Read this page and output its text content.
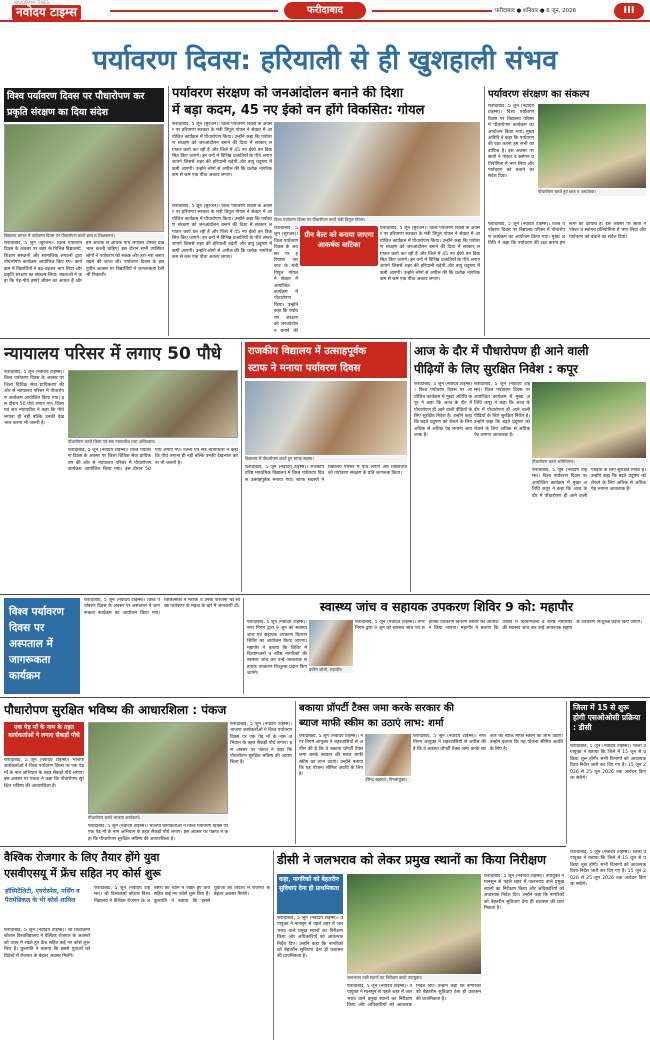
NAVODAYA TIMES
नवोदय टाइम्स	फरीदाबाद	फरीदाबाद ● शनिवार ● 6 जून, 2026	III
पर्यावरण दिवस: हरियाली से ही खुशहाली संभव
विश्व पर्यावरण दिवस पर पौधारोपण कर प्रकृति संरक्षण का दिया संदेश
विद्यालय प्रांगण में पर्यावरण दिवस पर पौधारोपण करते छात्र व शिक्षकगण।
फरीदाबाद, 5 जून (सुरजन)। विश्व पर्यावरण दिवस के अवसर पर शहर के विभिन्न विद्यालयों, शिक्षण संस्थानों और सामाजिक संगठनों द्वारा पौधारोपण कार्यक्रम आयोजित किए गए। कार्यक्रम में विद्यार्थियों ने बढ़-चढ़कर भाग लिया और प्रकृति संरक्षण का संकल्प लिया। वक्ताओं ने कहा कि पेड़-पौधे हमारे जीवन का आधार हैं और हमें अधिक से अधिक पौधे लगाकर उनकी देखभाल करनी चाहिए। इस दौरान सभी उपस्थित लोगों ने पर्यावरण को स्वच्छ और हरा-भरा बनाए रखने की शपथ ली। पर्यावरण दिवस के इस पुनीत अवसर पर विद्यार्थियों ने जागरूकता रैली भी निकाली।
पर्यावरण संरक्षण को जनआंदोलन बनाने की दिशा
में बड़ा कदम, 45 नए ईको वन होंगे विकसित: गोयल
फरीदाबाद, 5 जून (सुरजन)। विश्व पर्यावरण दिवस के अवसर पर हरियाणा सरकार के मंत्री विपुल गोयल ने सेक्टर में आयोजित कार्यक्रम में पौधारोपण किया। उन्होंने कहा कि पर्यावरण संरक्षण को जनआंदोलन बनाने की दिशा में सरकार लगातार कार्य कर रही है और जिले में 45 नए ईको वन विकसित किए जाएंगे। इन वनों में विभिन्न प्रजातियों के पौधे लगाए जाएंगे जिससे शहर की हरियाली बढ़ेगी और वायु प्रदूषण में कमी आएगी। उन्होंने लोगों से अपील की कि प्रत्येक नागरिक कम से कम एक पौधा अवश्य लगाए।
विश्व पर्यावरण दिवस पर पौधारोपण करते मंत्री विपुल गोयल।
फरीदाबाद, 5 जून (सुरजन)। विश्व पर्यावरण दिवस के अवसर पर हरियाणा सरकार के मंत्री विपुल गोयल ने सेक्टर में आयोजित कार्यक्रम में पौधारोपण किया। उन्होंने कहा कि पर्यावरण संरक्षण को जनआंदोलन बनाने की दिशा में सरकार लगातार कार्य कर रही है और जिले में 45 नए ईको वन विकसित किए जाएंगे। इन वनों में विभिन्न प्रजातियों के पौधे लगाए जाएंगे जिससे शहर की हरियाली बढ़ेगी और वायु प्रदूषण में कमी आएगी। उन्होंने लोगों से अपील की कि प्रत्येक नागरिक कम से कम एक पौधा अवश्य लगाए।
ग्रीन बेल्ट को बनाया जाएगा आकर्षक वाटिका
फरीदाबाद, 5 जून (सुरजन)। विश्व पर्यावरण दिवस के अवसर पर हरियाणा सरकार के मंत्री विपुल गोयल ने सेक्टर में आयोजित कार्यक्रम में पौधारोपण किया। उन्होंने कहा कि पर्यावरण संरक्षण को जनआंदोलन बनाने की
फरीदाबाद, 5 जून (सुरजन)। विश्व पर्यावरण दिवस के अवसर पर हरियाणा सरकार के मंत्री विपुल गोयल ने सेक्टर में आयोजित कार्यक्रम में पौधारोपण किया। उन्होंने कहा कि पर्यावरण संरक्षण को जनआंदोलन बनाने की दिशा में सरकार लगातार कार्य कर रही है और जिले में 45 नए ईको वन विकसित किए जाएंगे। इन वनों में विभिन्न प्रजातियों के पौधे लगाए जाएंगे जिससे शहर की हरियाली बढ़ेगी और वायु प्रदूषण में कमी आएगी। उन्होंने लोगों से अपील की कि प्रत्येक नागरिक कम से कम एक पौधा अवश्य लगाए।
पर्यावरण संरक्षण का संकल्प
फरीदाबाद, 5 जून (नवोदय टाइम्स)। विश्व पर्यावरण दिवस पर विद्यालय परिसर में पौधारोपण कार्यक्रम का आयोजन किया गया। मुख्य अतिथि ने कहा कि पर्यावरण की रक्षा करना हम सभी का दायित्व है। इस अवसर पर छात्रों ने पोस्टर व स्लोगन प्रतियोगिता में भाग लिया और पर्यावरण को बचाने का संदेश दिया।
पौधारोपण करते हुए छात्र व अध्यापक।
फरीदाबाद, 5 जून (नवोदय टाइम्स)। विश्व पर्यावरण दिवस पर विद्यालय परिसर में पौधारोपण कार्यक्रम का आयोजन किया गया। मुख्य अतिथि ने कहा कि पर्यावरण की रक्षा करना हम सभी का दायित्व है। इस अवसर पर छात्रों ने पोस्टर व स्लोगन प्रतियोगिता में भाग लिया और पर्यावरण को बचाने का संदेश दिया।
न्यायालय परिसर में लगाए 50 पौधे
फरीदाबाद, 5 जून (नवोदय टाइम्स)। विश्व पर्यावरण दिवस के अवसर पर जिला विधिक सेवा प्राधिकरण की ओर से न्यायालय परिसर में पौधारोपण कार्यक्रम आयोजित किया गया। इस दौरान 50 पौधे लगाए गए। जिला एवं सत्र न्यायाधीश ने कहा कि पौधे लगाना ही नहीं बल्कि उनकी देखभाल करना भी जरूरी है।
पौधारोपण करते जिला एवं सत्र न्यायाधीश तथा अधिवक्ता।
फरीदाबाद, 5 जून (नवोदय टाइम्स)। विश्व पर्यावरण दिवस के अवसर पर जिला विधिक सेवा प्राधिकरण की ओर से न्यायालय परिसर में पौधारोपण कार्यक्रम आयोजित किया गया। इस दौरान 50 पौधे लगाए गए। जिला एवं सत्र न्यायाधीश ने कहा कि पौधे लगाना ही नहीं बल्कि उनकी देखभाल करना भी जरूरी है।
राजकीय विद्यालय में उत्साहपूर्वक
स्टाफ ने मनाया पर्यावरण दिवस
विद्यालय में पौधारोपण करते हुए स्टाफ सदस्य।
फरीदाबाद, 5 जून (नवोदय टाइम्स)। राजकीय वरिष्ठ माध्यमिक विद्यालय में विश्व पर्यावरण दिवस उत्साहपूर्वक मनाया गया। स्टाफ सदस्यों ने विद्यालय परिसर में पौधे लगाए और विद्यार्थियों को पर्यावरण संरक्षण के प्रति जागरूक किया।
आज के दौर में पौधारोपण ही आने वाली
पीढ़ियों के लिए सुरक्षित निवेश : कपूर
फरीदाबाद, 5 जून (नवोदय टाइम्स)। विश्व पर्यावरण दिवस पर आयोजित कार्यक्रम में मुख्य अतिथि कपूर ने कहा कि आज के दौर में पौधारोपण ही आने वाली पीढ़ियों के लिए सुरक्षित निवेश है। उन्होंने कहा कि बढ़ते प्रदूषण को रोकने के लिए अधिक से अधिक पेड़ लगाना आवश्यक है।
पौधारोपण करते अतिथिगण।
फरीदाबाद, 5 जून (नवोदय टाइम्स)। विश्व पर्यावरण दिवस पर आयोजित कार्यक्रम में मुख्य अतिथि कपूर ने कहा कि आज के दौर में पौधारोपण ही आने वाली पीढ़ियों के लिए सुरक्षित निवेश है। उन्होंने कहा कि बढ़ते प्रदूषण को रोकने के लिए अधिक से अधिक पेड़ लगाना आवश्यक है।
फरीदाबाद, 5 जून (नवोदय टाइम्स)। विश्व पर्यावरण दिवस पर आयोजित कार्यक्रम में मुख्य अतिथि कपूर ने कहा कि आज के दौर में पौधारोपण ही आने वाली पीढ़ियों के लिए सुरक्षित निवेश है। उन्होंने कहा कि बढ़ते प्रदूषण को रोकने के लिए अधिक से अधिक पेड़ लगाना आवश्यक है।
विश्व पर्यावरण दिवस पर अस्पताल में जागरूकता कार्यक्रम
फरीदाबाद, 5 जून (नवोदय टाइम्स)। विश्व पर्यावरण दिवस के अवसर पर अस्पताल में जागरूकता कार्यक्रम का आयोजन किया गया। चिकित्सकों ने मरीजों व उनके परिजनों को स्वच्छ पर्यावरण के महत्व के बारे में जानकारी दी।	स्वास्थ्य जांच व सहायक उपकरण शिविर 9 को: महापौर
फरीदाबाद, 5 जून (नवोदय टाइम्स)। नगर निगम द्वारा 9 जून को स्वास्थ्य जांच एवं सहायक उपकरण वितरण शिविर का आयोजन किया जाएगा। महापौर ने बताया कि शिविर में दिव्यांगजनों व वरिष्ठ नागरिकों की स्वास्थ्य जांच कर उन्हें आवश्यक सहायक उपकरण निःशुल्क प्रदान किए जाएंगे।
प्रवीण जोशी, महापौर।
फरीदाबाद, 5 जून (नवोदय टाइम्स)। नगर निगम द्वारा 9 जून को स्वास्थ्य जांच एवं सहायक उपकरण वितरण शिविर का आयोजन किया जाएगा। महापौर ने बताया कि शिविर में दिव्यांगजनों व वरिष्ठ नागरिकों की स्वास्थ्य जांच कर उन्हें आवश्यक सहायक उपकरण निःशुल्क प्रदान किए जाएंगे।
पौधारोपण सुरक्षित भविष्य की आधारशिला : पंकज
एक पेड़ माँ के नाम के तहत कार्यकर्ताओं ने लगाए सैकड़ों पौधे
फरीदाबाद, 5 जून (नवोदय टाइम्स)। भाजपा कार्यकर्ताओं ने विश्व पर्यावरण दिवस पर एक पेड़ माँ के नाम अभियान के तहत सैकड़ों पौधे लगाए। इस अवसर पर पंकज ने कहा कि पौधारोपण सुरक्षित भविष्य की आधारशिला है।
पौधारोपण करते भाजपा कार्यकर्ता।
फरीदाबाद, 5 जून (नवोदय टाइम्स)। भाजपा कार्यकर्ताओं ने विश्व पर्यावरण दिवस पर एक पेड़ माँ के नाम अभियान के तहत सैकड़ों पौधे लगाए। इस अवसर पर पंकज ने कहा कि पौधारोपण सुरक्षित भविष्य की आधारशिला है।
फरीदाबाद, 5 जून (नवोदय टाइम्स)। भाजपा कार्यकर्ताओं ने विश्व पर्यावरण दिवस पर एक पेड़ माँ के नाम अभियान के तहत सैकड़ों पौधे लगाए। इस अवसर पर पंकज ने कहा कि पौधारोपण सुरक्षित भविष्य की आधारशिला है।
बकाया प्रॉपर्टी टैक्स जमा करके सरकार की
ब्याज माफी स्कीम का उठाएं लाभ: शर्मा
फरीदाबाद, 5 जून (नवोदय टाइम्स)। नगर निगम आयुक्त ने शहरवासियों से अपील की है कि वे बकाया प्रॉपर्टी टैक्स जमा करके सरकार की ब्याज माफी स्कीम का लाभ उठाएं। उन्होंने बताया कि यह योजना सीमित अवधि के लिए है।
धीरेन्द्र खड़गटा, निगमायुक्त।
फरीदाबाद, 5 जून (नवोदय टाइम्स)। नगर निगम आयुक्त ने शहरवासियों से अपील की है कि वे बकाया प्रॉपर्टी टैक्स जमा करके सरकार की ब्याज माफी स्कीम का लाभ उठाएं। उन्होंने बताया कि यह योजना सीमित अवधि के लिए है।
जिला में 15 से शुरू होगी एसओओसी प्रक्रिया : डीसी
फरीदाबाद, 5 जून (नवोदय टाइम्स)। जिला उपायुक्त ने बताया कि जिले में 15 जून से प्रक्रिया शुरू होगी। सभी विभागों को आवश्यक दिशा-निर्देश जारी कर दिए गए हैं। 15 जून 2026 से 25 जून 2026 तक आवेदन किए जा सकेंगे।
वैश्विक रोजगार के लिए तैयार होंगे युवा
एसवीएसयू में फ्रेंच सहित नए कोर्स शुरू
हॉस्पिटैलिटी, एयरोस्पेस, नर्सिंग व पैरामेडिकल के भी कोर्स शामिल
फरीदाबाद, 5 जून (नवोदय टाइम्स)। श्री विश्वकर्मा कौशल विश्वविद्यालय ने वैश्विक रोजगार के अवसरों को ध्यान में रखते हुए फ्रेंच सहित कई नए कोर्स शुरू किए हैं। कुलपति ने बताया कि इससे युवाओं को विदेशों में रोजगार के बेहतर अवसर मिलेंगे।
फरीदाबाद, 5 जून (नवोदय टाइम्स)। श्री विश्वकर्मा कौशल विश्वविद्यालय ने वैश्विक रोजगार के अवसरों को ध्यान में रखते हुए फ्रेंच सहित कई नए कोर्स शुरू किए हैं। कुलपति ने बताया कि इससे युवाओं को विदेशों में रोजगार के बेहतर अवसर मिलेंगे।
डीसी ने जलभराव को लेकर प्रमुख स्थानों का किया निरीक्षण
कहा, नागरिकों को बेहतरीन सुविधाएं देना ही प्राथमिकता
फरीदाबाद, 5 जून (नवोदय टाइम्स)। उपायुक्त ने मानसून से पहले शहर में जलभराव वाले प्रमुख स्थानों का निरीक्षण किया और अधिकारियों को आवश्यक निर्देश दिए। उन्होंने कहा कि नागरिकों को बेहतरीन सुविधाएं देना ही प्रशासन की प्राथमिकता है।
जलभराव वाले स्थानों का निरीक्षण करते उपायुक्त।
फरीदाबाद, 5 जून (नवोदय टाइम्स)। उपायुक्त ने मानसून से पहले शहर में जलभराव वाले प्रमुख स्थानों का निरीक्षण किया और अधिकारियों को आवश्यक निर्देश दिए। उन्होंने कहा कि नागरिकों को बेहतरीन सुविधाएं देना ही प्रशासन की प्राथमिकता है।
फरीदाबाद, 5 जून (नवोदय टाइम्स)। उपायुक्त ने मानसून से पहले शहर में जलभराव वाले प्रमुख स्थानों का निरीक्षण किया और अधिकारियों को आवश्यक निर्देश दिए। उन्होंने कहा कि नागरिकों को बेहतरीन सुविधाएं देना ही प्रशासन की प्राथमिकता है।
फरीदाबाद, 5 जून (नवोदय टाइम्स)। जिला उपायुक्त ने बताया कि जिले में 15 जून से प्रक्रिया शुरू होगी। सभी विभागों को आवश्यक दिशा-निर्देश जारी कर दिए गए हैं। 15 जून 2026 से 25 जून 2026 तक आवेदन किए जा सकेंगे।
